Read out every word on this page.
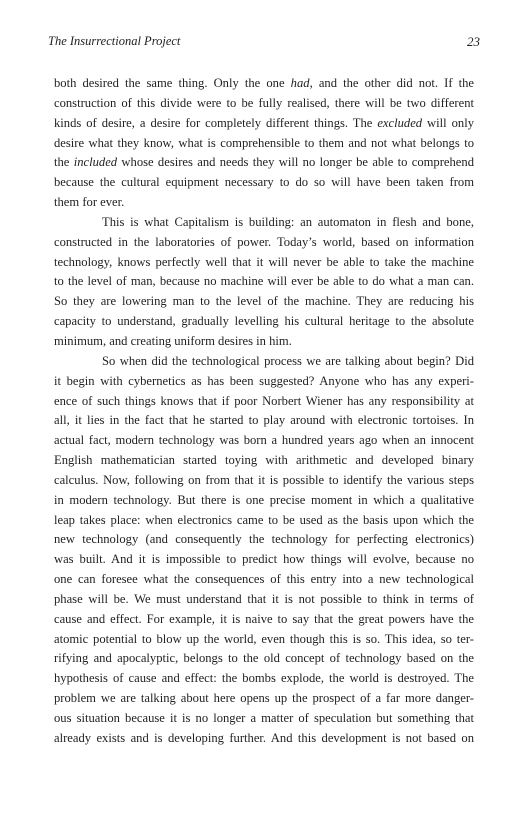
The Insurrectional Project	23
both desired the same thing. Only the one had, and the other did not. If the
construction of this divide were to be fully realised, there will be two different
kinds of desire, a desire for completely different things. The excluded will only
desire what they know, what is comprehensible to them and not what belongs to
the included whose desires and needs they will no longer be able to comprehend
because the cultural equipment necessary to do so will have been taken from
them for ever.
This is what Capitalism is building: an automaton in flesh and bone,
constructed in the laboratories of power. Today’s world, based on information
technology, knows perfectly well that it will never be able to take the machine
to the level of man, because no machine will ever be able to do what a man can.
So they are lowering man to the level of the machine. They are reducing his
capacity to understand, gradually levelling his cultural heritage to the absolute
minimum, and creating uniform desires in him.
So when did the technological process we are talking about begin? Did
it begin with cybernetics as has been suggested? Anyone who has any experi-
ence of such things knows that if poor Norbert Wiener has any responsibility at
all, it lies in the fact that he started to play around with electronic tortoises. In
actual fact, modern technology was born a hundred years ago when an innocent
English mathematician started toying with arithmetic and developed binary
calculus. Now, following on from that it is possible to identify the various steps
in modern technology. But there is one precise moment in which a qualitative
leap takes place: when electronics came to be used as the basis upon which the
new technology (and consequently the technology for perfecting electronics)
was built. And it is impossible to predict how things will evolve, because no
one can foresee what the consequences of this entry into a new technological
phase will be. We must understand that it is not possible to think in terms of
cause and effect. For example, it is naive to say that the great powers have the
atomic potential to blow up the world, even though this is so. This idea, so ter-
rifying and apocalyptic, belongs to the old concept of technology based on the
hypothesis of cause and effect: the bombs explode, the world is destroyed. The
problem we are talking about here opens up the prospect of a far more danger-
ous situation because it is no longer a matter of speculation but something that
already exists and is developing further. And this development is not based on
